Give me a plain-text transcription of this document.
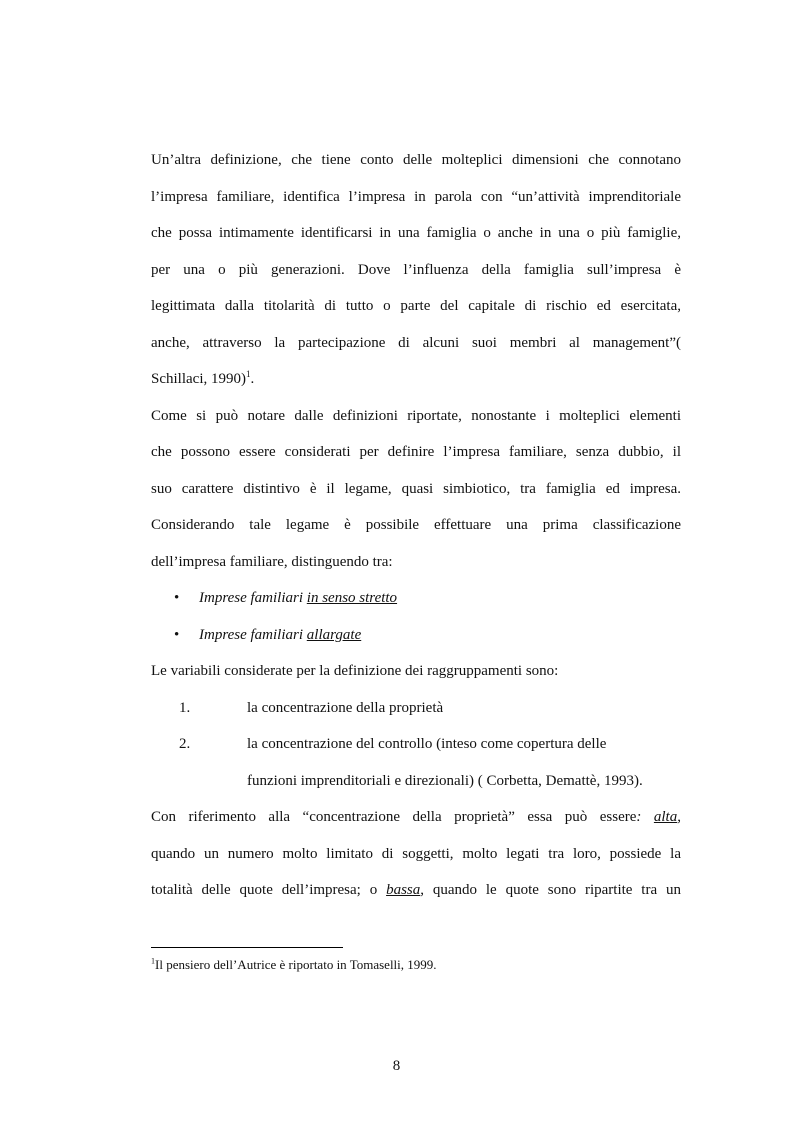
Un’altra definizione, che tiene conto delle molteplici dimensioni che connotano
l’impresa familiare, identifica l’impresa in parola con “un’attività imprenditoriale
che possa intimamente identificarsi in una famiglia o anche in una o più famiglie,
per una o più generazioni. Dove l’influenza della famiglia sull’impresa è
legittimata dalla titolarità di tutto o parte del capitale di rischio ed esercitata,
anche, attraverso la partecipazione di alcuni suoi membri al management”(
Schillaci, 1990)$^1$.
Come si può notare dalle definizioni riportate, nonostante i molteplici elementi
che possono essere considerati per definire l’impresa familiare, senza dubbio, il
suo carattere distintivo è il legame, quasi simbiotico, tra famiglia ed impresa.
Considerando tale legame è possibile effettuare una prima classificazione
dell’impresa familiare, distinguendo tra:
• Imprese familiari in senso stretto
• Imprese familiari allargate
Le variabili considerate per la definizione dei raggruppamenti sono:
1.	la concentrazione della proprietà
2.	la concentrazione del controllo (inteso come copertura delle
funzioni imprenditoriali e direzionali) ( Corbetta, Demattè, 1993).
Con riferimento alla “concentrazione della proprietà” essa può essere: alta,
quando un numero molto limitato di soggetti, molto legati tra loro, possiede la
totalità delle quote dell’impresa; o bassa, quando le quote sono ripartite tra un
$^1$Il pensiero dell’Autrice è riportato in Tomaselli, 1999.
8
